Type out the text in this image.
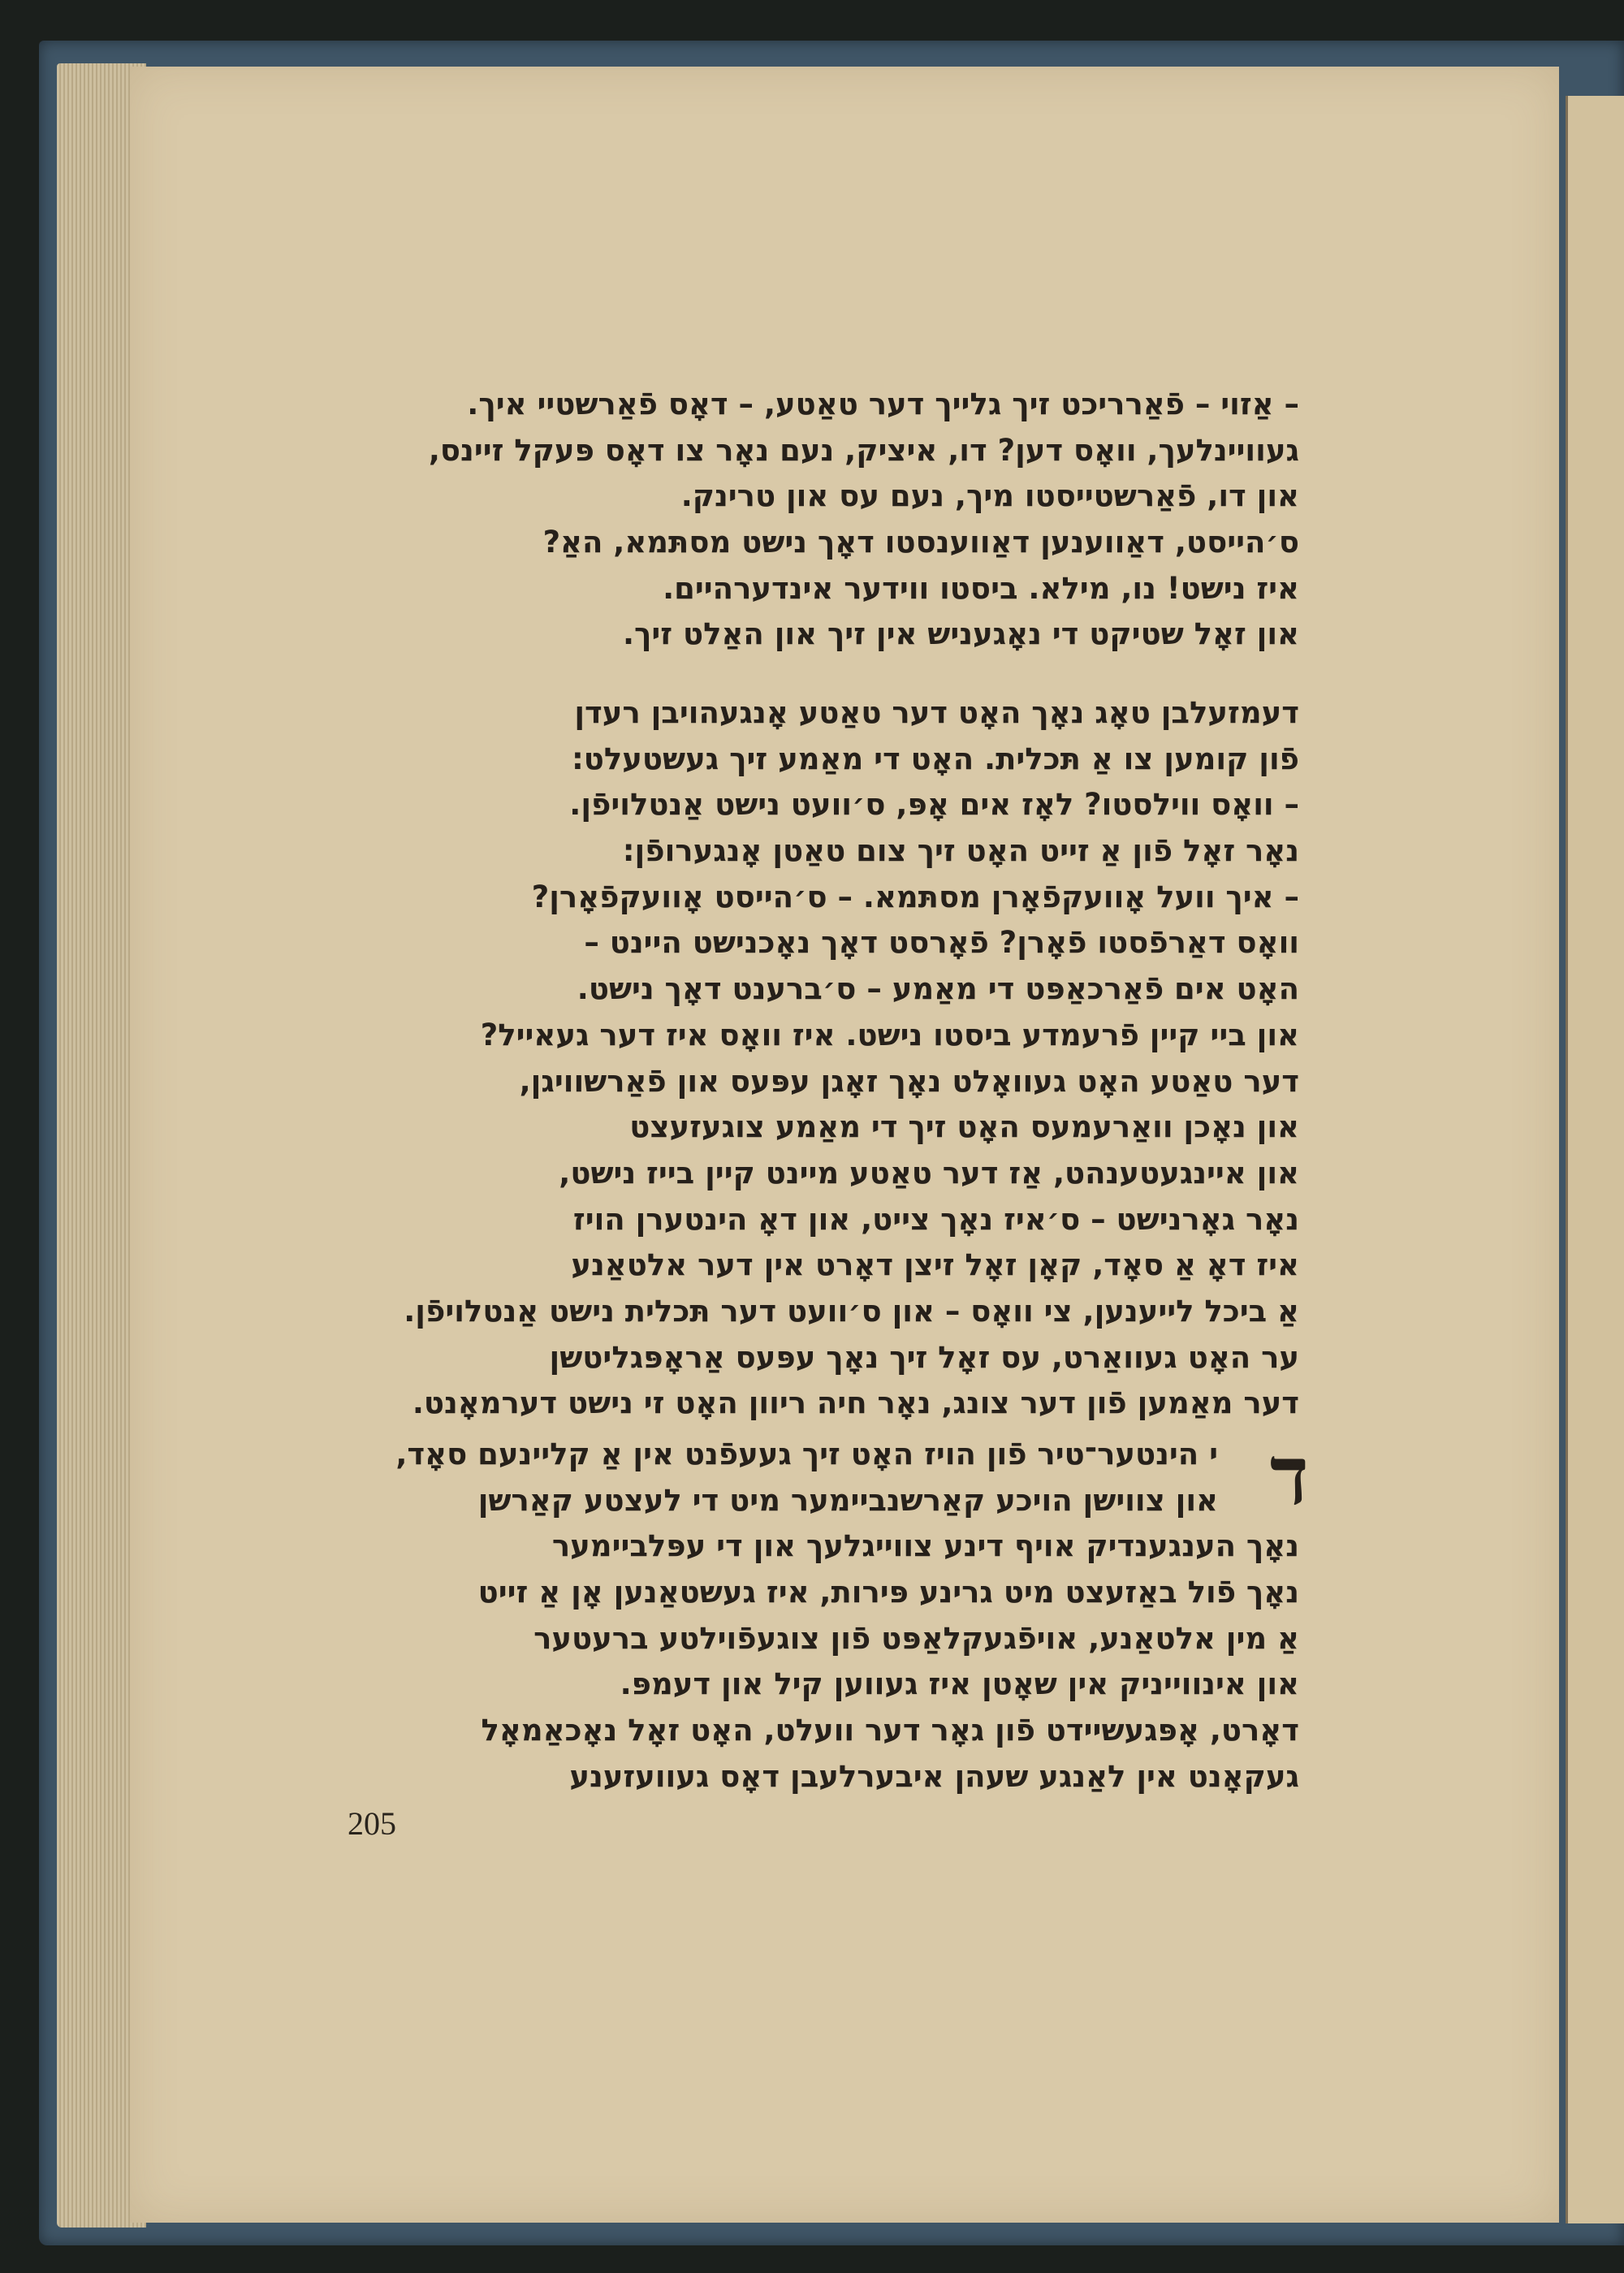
– אַזוי – פֿאַרריכט זיך גלייך דער טאַטע, – דאָס פֿאַרשטיי איך.
געוויינלעך, וואָס דען? דו, איציק, נעם נאָר צו דאָס פּעקל זיינס,
און דו, פֿאַרשטייסטו מיך, נעם עס און טרינק.
ס׳הייסט, דאַווענען דאַווענסטו דאָך נישט מסתּמא, האַ?
איז נישט! נו, מילא. ביסטו ווידער אינדערהיים.
און זאָל שטיקט די נאָגעניש אין זיך און האַלט זיך.
דעמזעלבן טאָג נאָך האָט דער טאַטע אָנגעהויבן רעדן
פֿון קומען צו אַ תּכלית. האָט די מאַמע זיך געשטעלט:
– וואָס ווילסטו? לאָז אים אָפּ, ס׳וועט נישט אַנטלויפֿן.
נאָר זאָל פֿון אַ זייט האָט זיך צום טאַטן אָנגערופֿן:
– איך וועל אָוועקפֿאָרן מסתּמא. – ס׳הייסט אָוועקפֿאָרן?
וואָס דאַרפֿסטו פֿאָרן? פֿאָרסט דאָך נאָכנישט היינט –
האָט אים פֿאַרכאַפּט די מאַמע – ס׳ברענט דאָך נישט.
און ביי קיין פֿרעמדע ביסטו נישט. איז וואָס איז דער געאייל?
דער טאַטע האָט געוואָלט נאָך זאָגן עפּעס און פֿאַרשוויגן,
און נאָכן וואַרעמעס האָט זיך די מאַמע צוגעזעצט
און איינגעטענהט, אַז דער טאַטע מיינט קיין בייז נישט,
נאָר גאָרנישט – ס׳איז נאָך צייט, און דאָ הינטערן הויז
איז דאָ אַ סאָד, קאָן זאָל זיצן דאָרט אין דער אלטאַנע
אַ ביכל לייענען, צי וואָס – און ס׳וועט דער תּכלית נישט אַנטלויפֿן.
ער האָט געוואַרט, עס זאָל זיך נאָך עפּעס אַראָפּגליטשן
דער מאַמען פֿון דער צונג, נאָר חיה ריוון האָט זי נישט דערמאָנט.
ד
י הינטער־טיר פֿון הויז האָט זיך געעפֿנט אין אַ קליינעם סאָד,
און צווישן הויכע קאַרשנביימער מיט די לעצטע קאַרשן
נאָך הענגענדיק אויף דינע צווייגלעך און די עפּלביימער
נאָך פֿול באַזעצט מיט גרינע פּירות, איז געשטאַנען אָן אַ זייט
אַ מין אלטאַנע, אויפֿגעקלאַפּט פֿון צוגעפֿוילטע ברעטער
און אינווייניק אין שאָטן איז געווען קיל און דעמפּ.
דאָרט, אָפּגעשיידט פֿון גאָר דער וועלט, האָט זאָל נאָכאַמאָל
געקאָנט אין לאַנגע שעהן איבערלעבן דאָס געוועזענע
205
